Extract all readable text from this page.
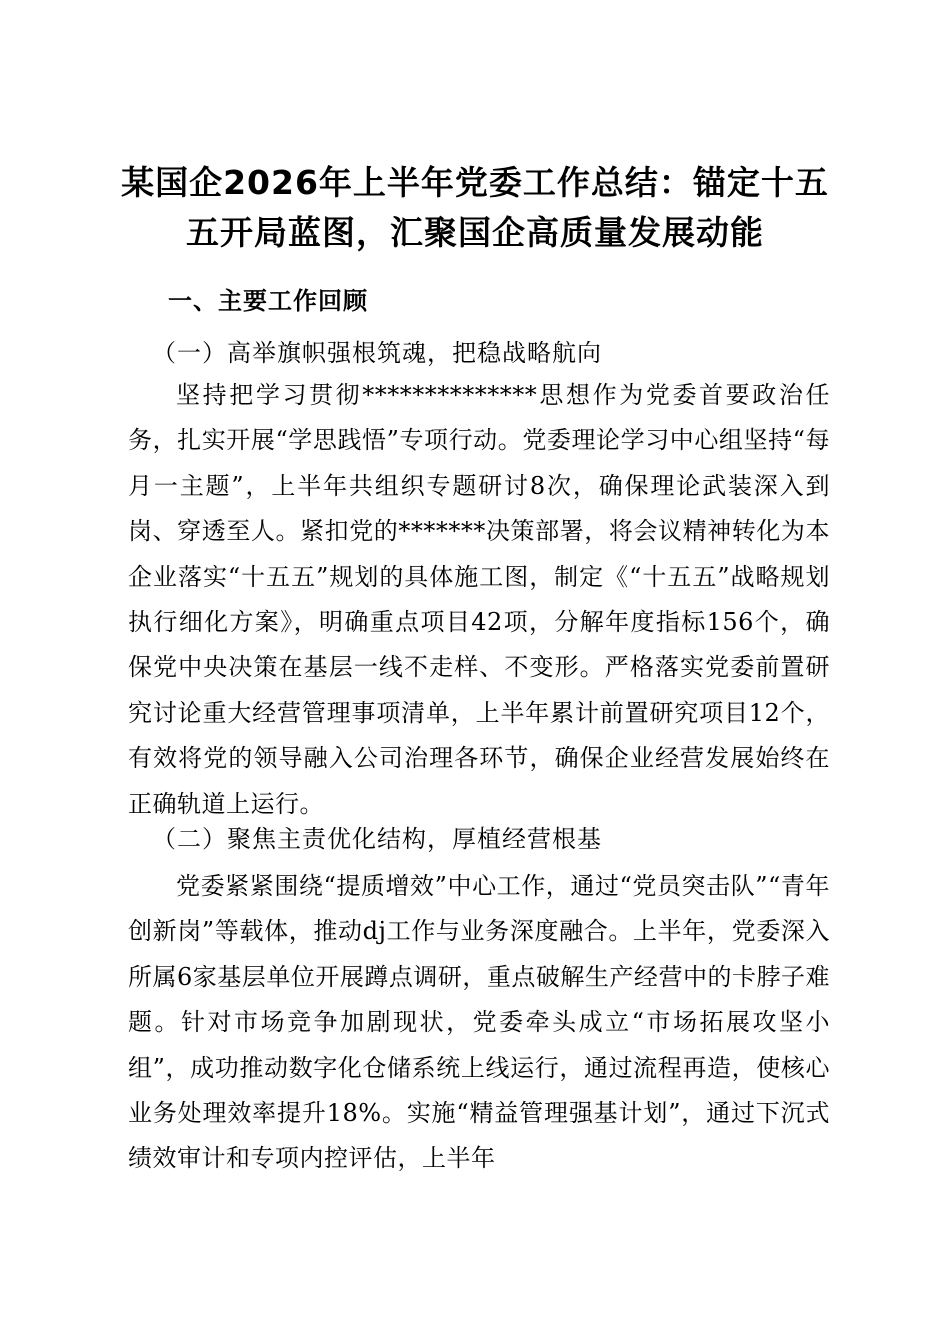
某国企2026年上半年党委工作总结：锚定十五五开局蓝图，汇聚国企高质量发展动能

一、主要工作回顾

（一）高举旗帜强根筑魂，把稳战略航向

坚持把学习贯彻**************思想作为党委首要政治任务，扎实开展“学思践悟”专项行动。党委理论学习中心组坚持“每月一主题”，上半年共组织专题研讨8次，确保理论武装深入到岗、穿透至人。紧扣党的*******决策部署，将会议精神转化为本企业落实“十五五”规划的具体施工图，制定《“十五五”战略规划执行细化方案》，明确重点项目42项，分解年度指标156个，确保党中央决策在基层一线不走样、不变形。严格落实党委前置研究讨论重大经营管理事项清单，上半年累计前置研究项目12个，有效将党的领导融入公司治理各环节，确保企业经营发展始终在正确轨道上运行。

（二）聚焦主责优化结构，厚植经营根基

党委紧紧围绕“提质增效”中心工作，通过“党员突击队”“青年创新岗”等载体，推动dj工作与业务深度融合。上半年，党委深入所属6家基层单位开展蹲点调研，重点破解生产经营中的卡脖子难题。针对市场竞争加剧现状，党委牵头成立“市场拓展攻坚小组”，成功推动数字化仓储系统上线运行，通过流程再造，使核心业务处理效率提升18%。实施“精益管理强基计划”，通过下沉式绩效审计和专项内控评估，上半年
